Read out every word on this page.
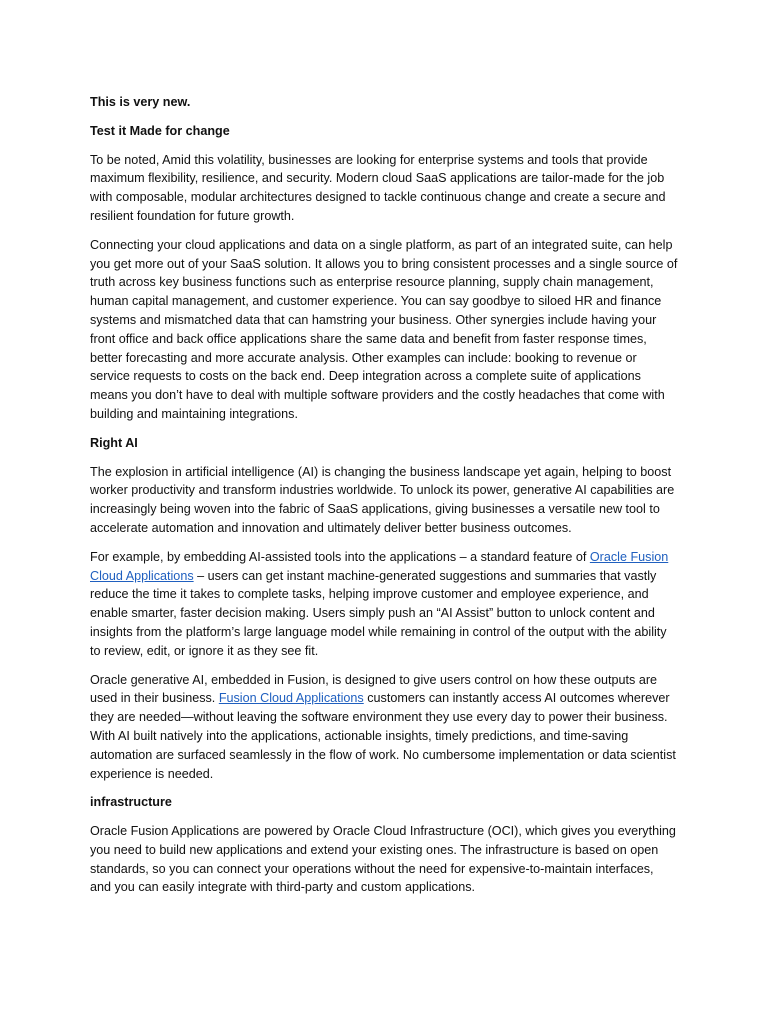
This is very new.

Test it Made for change

To be noted, Amid this volatility, businesses are looking for enterprise systems and tools that provide maximum flexibility, resilience, and security. Modern cloud SaaS applications are tailor-made for the job with composable, modular architectures designed to tackle continuous change and create a secure and resilient foundation for future growth.

Connecting your cloud applications and data on a single platform, as part of an integrated suite, can help you get more out of your SaaS solution. It allows you to bring consistent processes and a single source of truth across key business functions such as enterprise resource planning, supply chain management, human capital management, and customer experience. You can say goodbye to siloed HR and finance systems and mismatched data that can hamstring your business. Other synergies include having your front office and back office applications share the same data and benefit from faster response times, better forecasting and more accurate analysis. Other examples can include: booking to revenue or service requests to costs on the back end. Deep integration across a complete suite of applications means you don’t have to deal with multiple software providers and the costly headaches that come with building and maintaining integrations.

Right AI

The explosion in artificial intelligence (AI) is changing the business landscape yet again, helping to boost worker productivity and transform industries worldwide. To unlock its power, generative AI capabilities are increasingly being woven into the fabric of SaaS applications, giving businesses a versatile new tool to accelerate automation and innovation and ultimately deliver better business outcomes.

For example, by embedding AI-assisted tools into the applications – a standard feature of Oracle Fusion Cloud Applications – users can get instant machine-generated suggestions and summaries that vastly reduce the time it takes to complete tasks, helping improve customer and employee experience, and enable smarter, faster decision making. Users simply push an “AI Assist” button to unlock content and insights from the platform’s large language model while remaining in control of the output with the ability to review, edit, or ignore it as they see fit.

Oracle generative AI, embedded in Fusion, is designed to give users control on how these outputs are used in their business. Fusion Cloud Applications customers can instantly access AI outcomes wherever they are needed—without leaving the software environment they use every day to power their business. With AI built natively into the applications, actionable insights, timely predictions, and time-saving automation are surfaced seamlessly in the flow of work. No cumbersome implementation or data scientist experience is needed.

infrastructure

Oracle Fusion Applications are powered by Oracle Cloud Infrastructure (OCI), which gives you everything you need to build new applications and extend your existing ones. The infrastructure is based on open standards, so you can connect your operations without the need for expensive-to-maintain interfaces, and you can easily integrate with third-party and custom applications.
